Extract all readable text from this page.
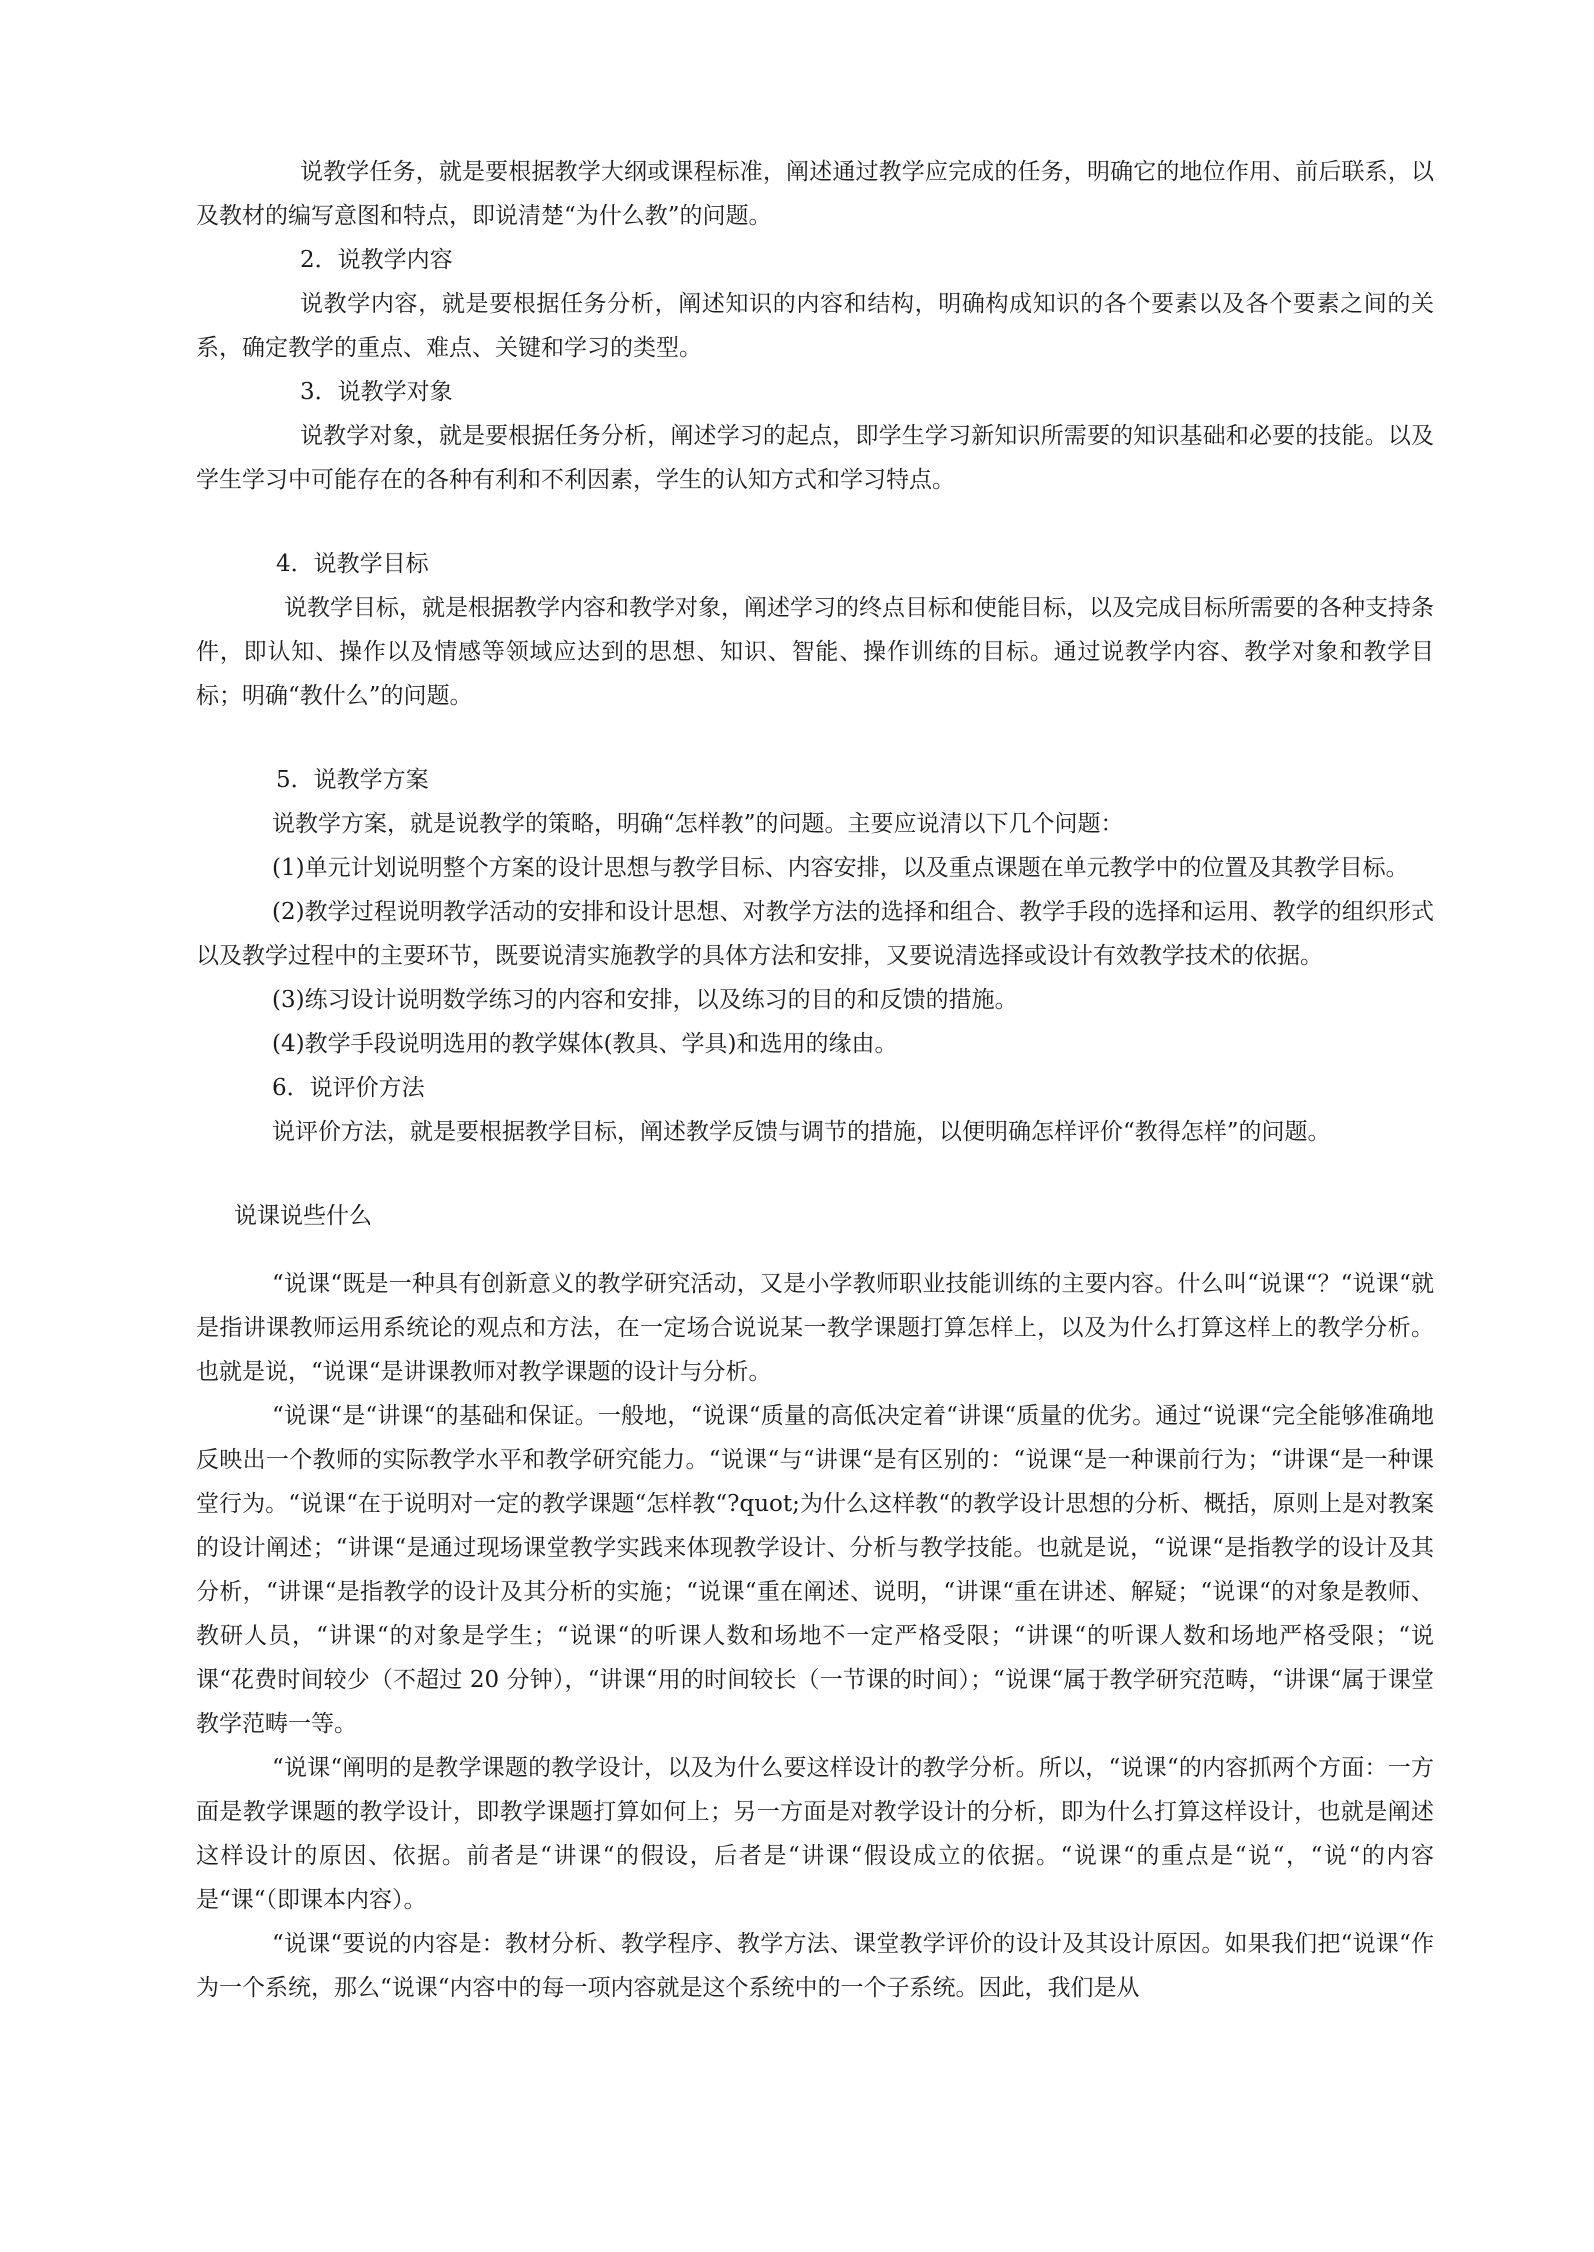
说教学任务，就是要根据教学大纲或课程标准，阐述通过教学应完成的任务，明确它的地位作用、前后联系，以及教材的编写意图和特点，即说清楚“为什么教”的问题。

2．说教学内容

说教学内容，就是要根据任务分析，阐述知识的内容和结构，明确构成知识的各个要素以及各个要素之间的关系，确定教学的重点、难点、关键和学习的类型。

3．说教学对象

说教学对象，就是要根据任务分析，阐述学习的起点，即学生学习新知识所需要的知识基础和必要的技能。以及学生学习中可能存在的各种有利和不利因素，学生的认知方式和学习特点。

4．说教学目标

说教学目标，就是根据教学内容和教学对象，阐述学习的终点目标和使能目标，以及完成目标所需要的各种支持条件，即认知、操作以及情感等领域应达到的思想、知识、智能、操作训练的目标。通过说教学内容、教学对象和教学目标；明确“教什么”的问题。

5．说教学方案

说教学方案，就是说教学的策略，明确“怎样教”的问题。主要应说清以下几个问题：

(1)单元计划说明整个方案的设计思想与教学目标、内容安排，以及重点课题在单元教学中的位置及其教学目标。

(2)教学过程说明教学活动的安排和设计思想、对教学方法的选择和组合、教学手段的选择和运用、教学的组织形式以及教学过程中的主要环节，既要说清实施教学的具体方法和安排，又要说清选择或设计有效教学技术的依据。

(3)练习设计说明数学练习的内容和安排，以及练习的目的和反馈的措施。

(4)教学手段说明选用的教学媒体(教具、学具)和选用的缘由。

6．说评价方法

说评价方法，就是要根据教学目标，阐述教学反馈与调节的措施，以便明确怎样评价“教得怎样”的问题。

说课说些什么

“说课“既是一种具有创新意义的教学研究活动，又是小学教师职业技能训练的主要内容。什么叫“说课“？“说课“就是指讲课教师运用系统论的观点和方法，在一定场合说说某一教学课题打算怎样上，以及为什么打算这样上的教学分析。也就是说，“说课“是讲课教师对教学课题的设计与分析。

“说课“是“讲课“的基础和保证。一般地，“说课“质量的高低决定着“讲课“质量的优劣。通过“说课“完全能够准确地反映出一个教师的实际教学水平和教学研究能力。“说课“与“讲课“是有区别的：“说课“是一种课前行为；“讲课“是一种课堂行为。“说课“在于说明对一定的教学课题“怎样教“?quot;为什么这样教“的教学设计思想的分析、概括，原则上是对教案的设计阐述；“讲课“是通过现场课堂教学实践来体现教学设计、分析与教学技能。也就是说，“说课“是指教学的设计及其分析，“讲课“是指教学的设计及其分析的实施；“说课“重在阐述、说明，“讲课“重在讲述、解疑；“说课“的对象是教师、教研人员，“讲课“的对象是学生；“说课“的听课人数和场地不一定严格受限；“讲课“的听课人数和场地严格受限；“说课“花费时间较少（不超过 20 分钟），“讲课“用的时间较长（一节课的时间）；“说课“属于教学研究范畴，“讲课“属于课堂教学范畴一等。

“说课“阐明的是教学课题的教学设计，以及为什么要这样设计的教学分析。所以，“说课“的内容抓两个方面：一方面是教学课题的教学设计，即教学课题打算如何上；另一方面是对教学设计的分析，即为什么打算这样设计，也就是阐述这样设计的原因、依据。前者是“讲课“的假设，后者是“讲课“假设成立的依据。“说课“的重点是“说“，“说“的内容是“课“（即课本内容）。

“说课“要说的内容是：教材分析、教学程序、教学方法、课堂教学评价的设计及其设计原因。如果我们把“说课“作为一个系统，那么“说课“内容中的每一项内容就是这个系统中的一个子系统。因此，我们是从
